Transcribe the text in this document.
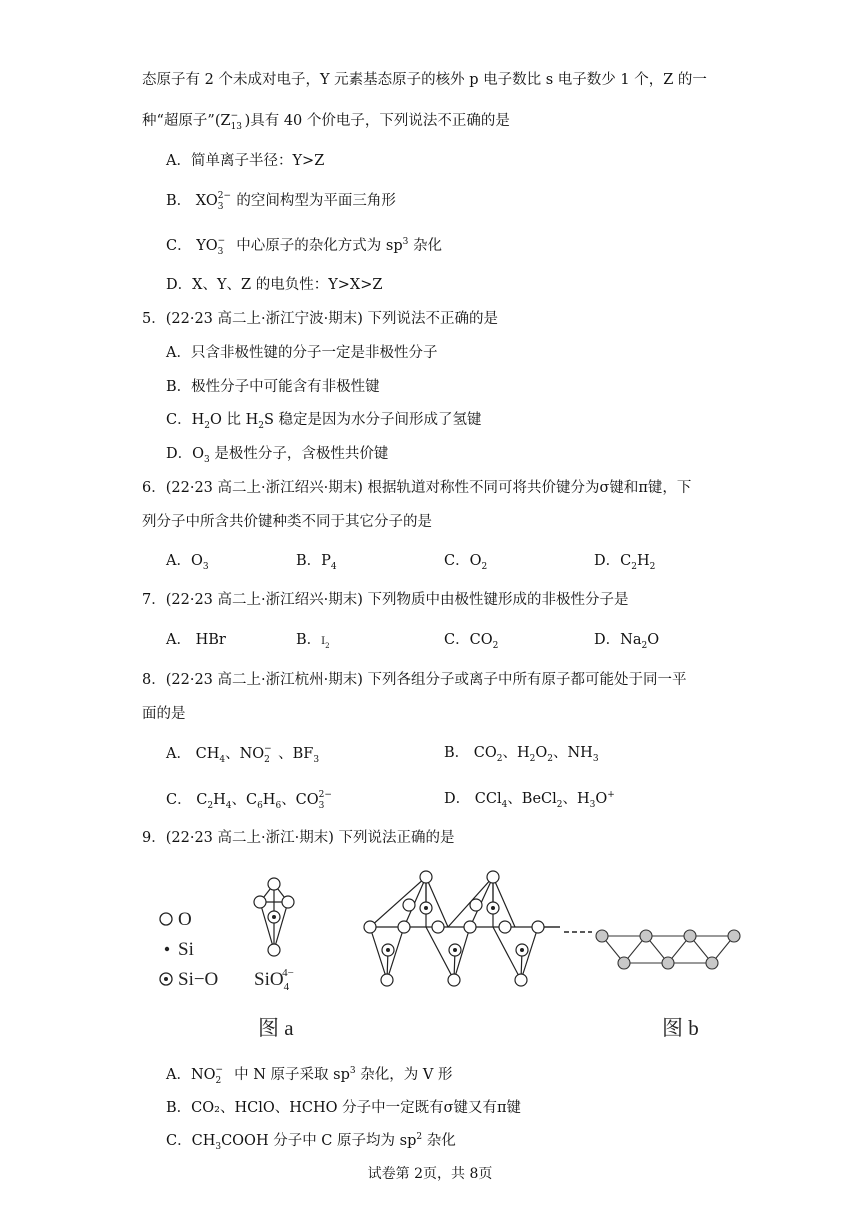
态原子有 2 个未成对电子，Y 元素基态原子的核外 p 电子数比 s 电子数少 1 个，Z 的一
种“超原子”(Z −
13 )具有 40 个价电子，下列说法不正确的是
A．简单离子半径：Y>Z
B． XO 2−
3 的空间构型为平面三角形
C． YO −
3 中心原子的杂化方式为 $sp^3$ 杂化
D．X、Y、Z 的电负性：Y>X>Z
5．(22·23 高二上·浙江宁波·期末) 下列说法不正确的是
A．只含非极性键的分子一定是非极性分子
B．极性分子中可能含有非极性键
C．$H_2O$ 比 $H_2S$ 稳定是因为水分子间形成了氢键
D．$O_3$ 是极性分子，含极性共价键
6．(22·23 高二上·浙江绍兴·期末) 根据轨道对称性不同可将共价键分为σ键和π键，下
列分子中所含共价键种类不同于其它分子的是
A．$O_3$	B．$P_4$	C．$O_2$	D．$C_2H_2$
7．(22·23 高二上·浙江绍兴·期末) 下列物质中由极性键形成的非极性分子是
A． HBr	B．$I_2$	C．$CO_2$	D．$Na_2O$
8．(22·23 高二上·浙江杭州·期末) 下列各组分子或离子中所有原子都可能处于同一平
面的是
A． $CH_4$、NO −
2 、$BF_3$	B． $CO_2$、$H_2O_2$、$NH_3$
C． $C_2H_4$、$C_6H_6$、CO 2−
3	D． CCl$_4$、BeCl$_2$、$H_3O^+$
9．(22·23 高二上·浙江·期末) 下列说法正确的是
O
Si
Si−O SiO$_4$4−
图 a	图 b
A．NO −
2 中 N 原子采取 $sp^3$ 杂化，为 V 形
B．CO₂、HClO、HCHO 分子中一定既有σ键又有π键
C．$CH_3COOH$ 分子中 C 原子均为 $sp^2$ 杂化
试卷第 2页，共 8页
